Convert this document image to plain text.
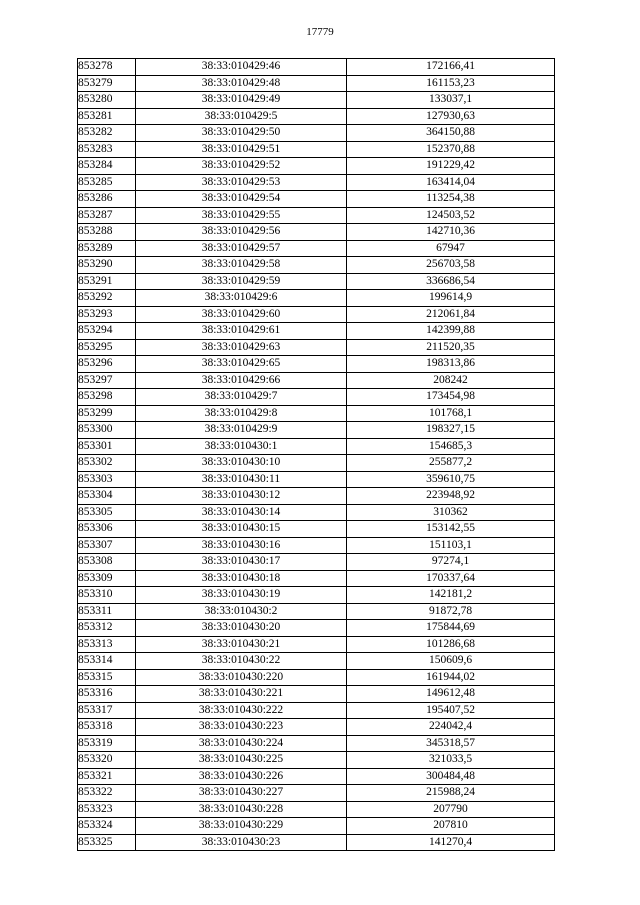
17779
853278	38:33:010429:46	172166,41
853279	38:33:010429:48	161153,23
853280	38:33:010429:49	133037,1
853281	38:33:010429:5	127930,63
853282	38:33:010429:50	364150,88
853283	38:33:010429:51	152370,88
853284	38:33:010429:52	191229,42
853285	38:33:010429:53	163414,04
853286	38:33:010429:54	113254,38
853287	38:33:010429:55	124503,52
853288	38:33:010429:56	142710,36
853289	38:33:010429:57	67947
853290	38:33:010429:58	256703,58
853291	38:33:010429:59	336686,54
853292	38:33:010429:6	199614,9
853293	38:33:010429:60	212061,84
853294	38:33:010429:61	142399,88
853295	38:33:010429:63	211520,35
853296	38:33:010429:65	198313,86
853297	38:33:010429:66	208242
853298	38:33:010429:7	173454,98
853299	38:33:010429:8	101768,1
853300	38:33:010429:9	198327,15
853301	38:33:010430:1	154685,3
853302	38:33:010430:10	255877,2
853303	38:33:010430:11	359610,75
853304	38:33:010430:12	223948,92
853305	38:33:010430:14	310362
853306	38:33:010430:15	153142,55
853307	38:33:010430:16	151103,1
853308	38:33:010430:17	97274,1
853309	38:33:010430:18	170337,64
853310	38:33:010430:19	142181,2
853311	38:33:010430:2	91872,78
853312	38:33:010430:20	175844,69
853313	38:33:010430:21	101286,68
853314	38:33:010430:22	150609,6
853315	38:33:010430:220	161944,02
853316	38:33:010430:221	149612,48
853317	38:33:010430:222	195407,52
853318	38:33:010430:223	224042,4
853319	38:33:010430:224	345318,57
853320	38:33:010430:225	321033,5
853321	38:33:010430:226	300484,48
853322	38:33:010430:227	215988,24
853323	38:33:010430:228	207790
853324	38:33:010430:229	207810
853325	38:33:010430:23	141270,4
